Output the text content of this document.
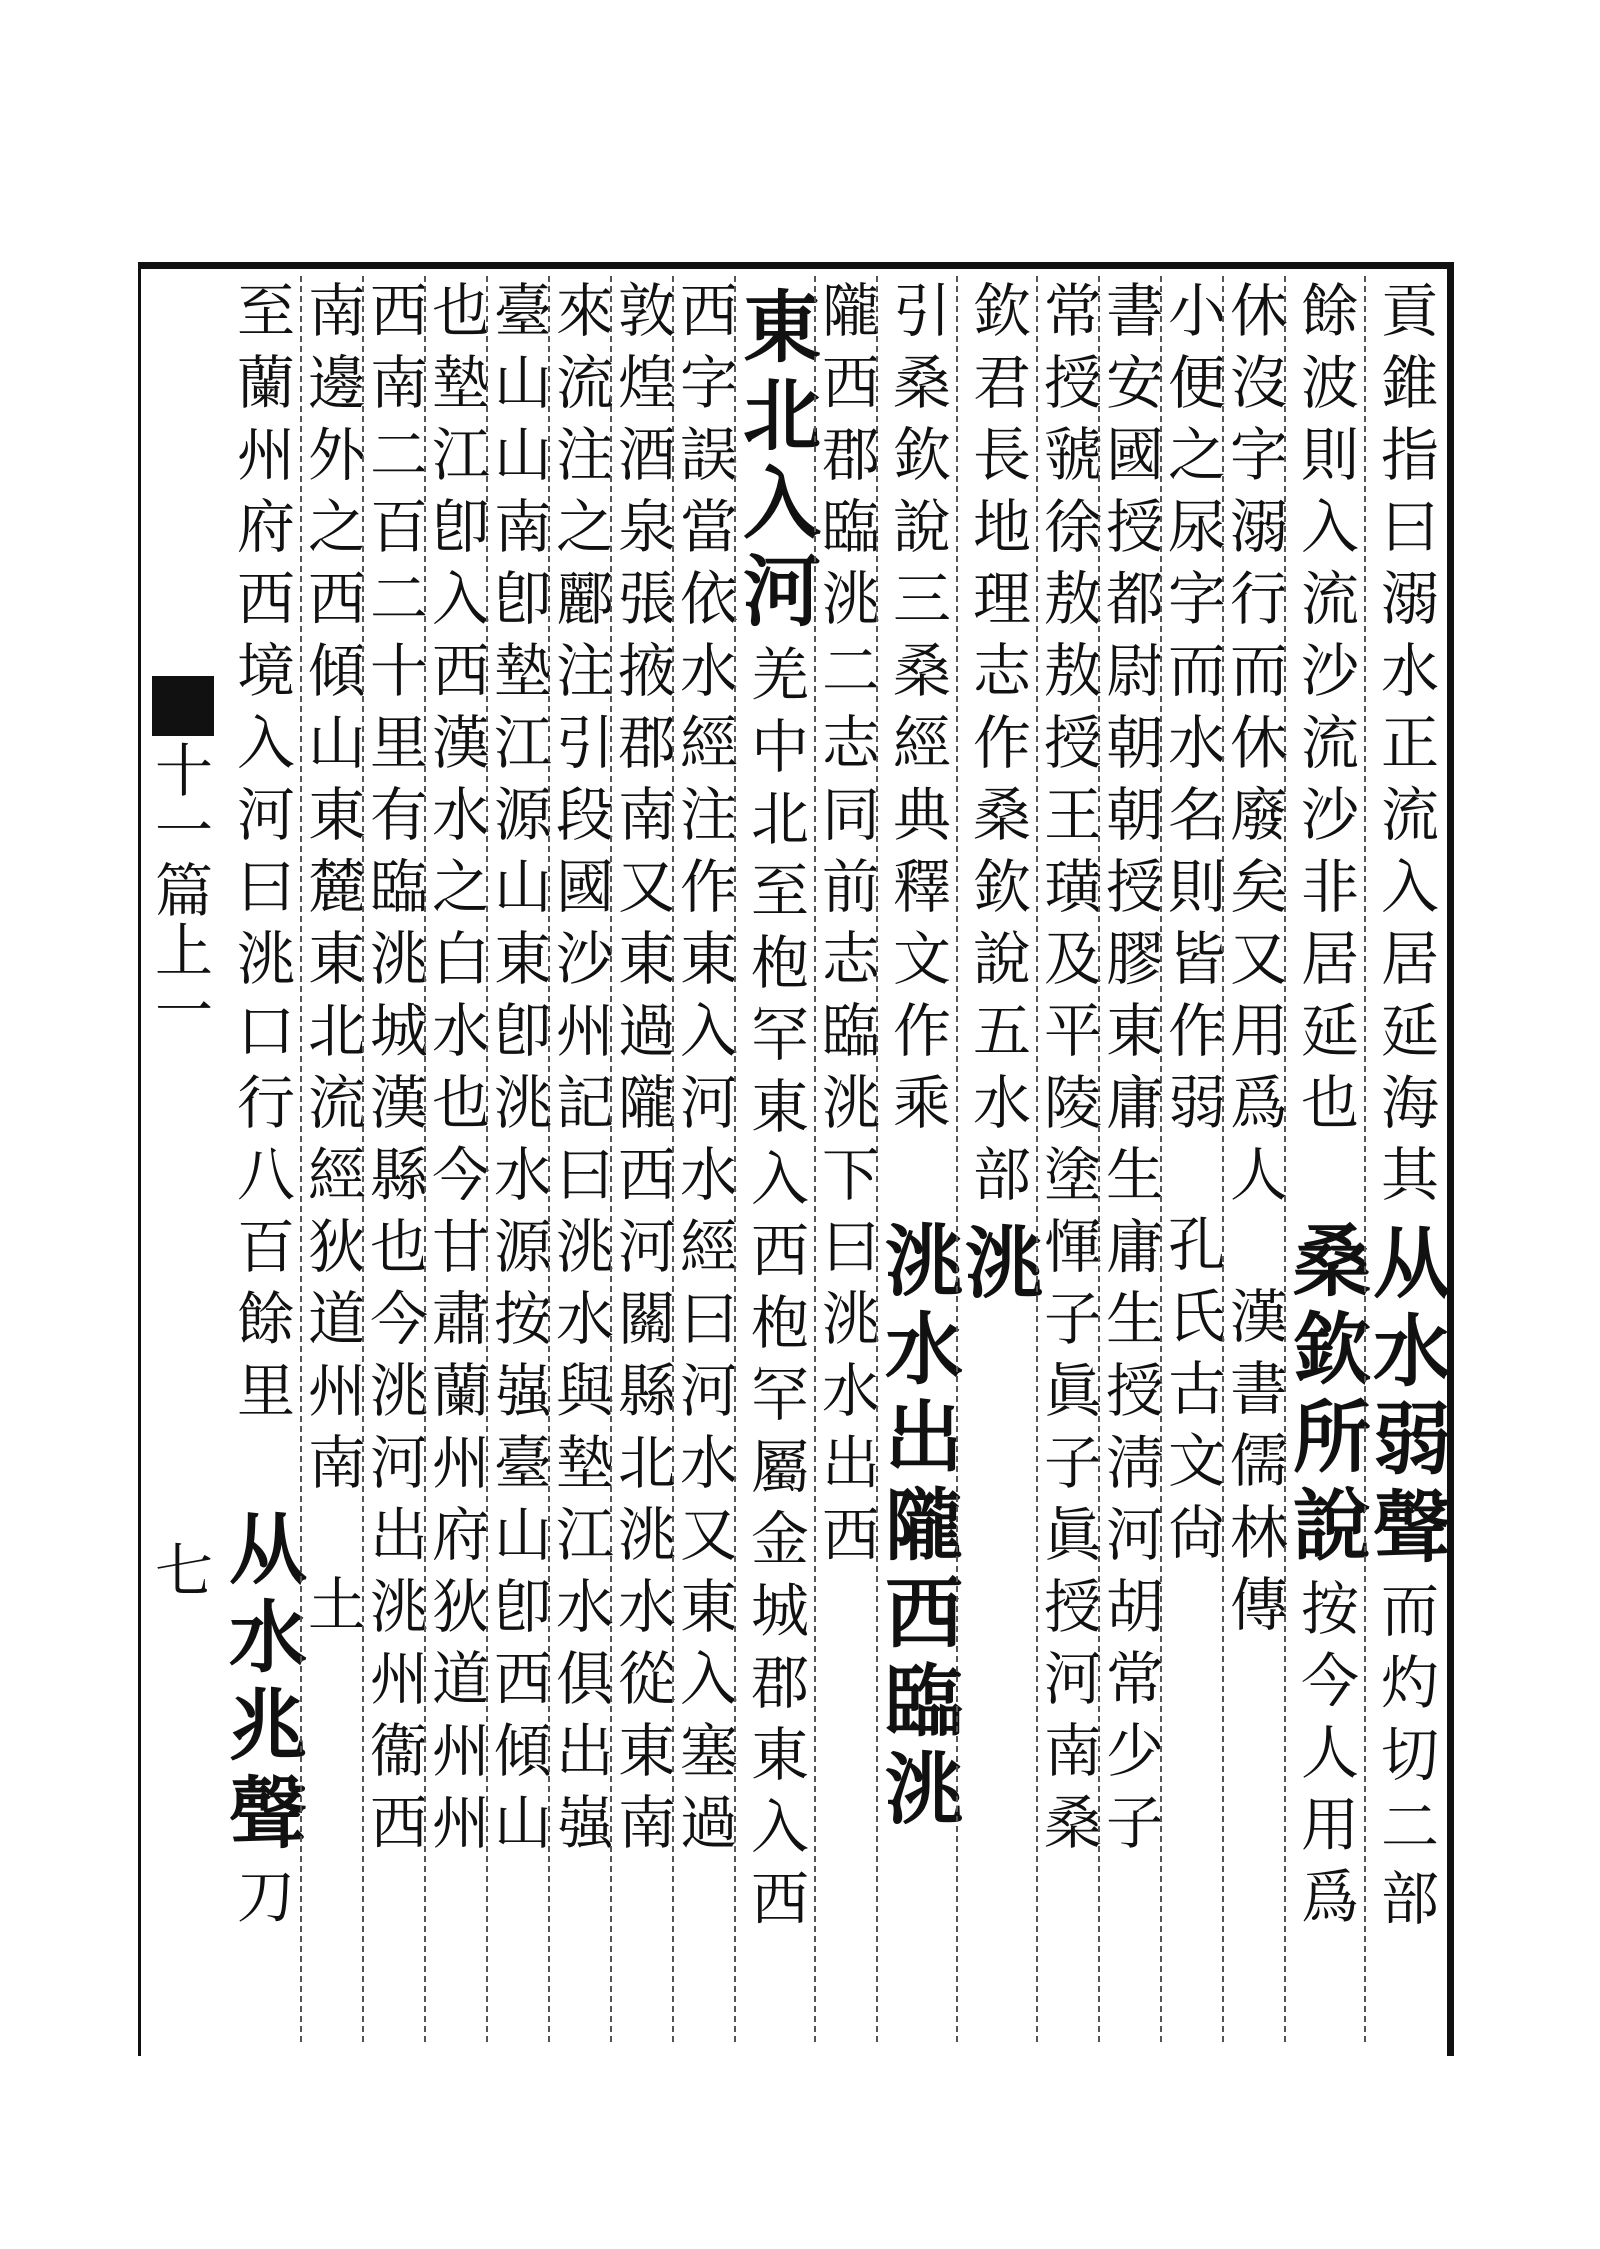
十一篇上一
七
貢錐指曰溺水正流入居延海其
从水弱聲
而灼切二部
餘波則入流沙流沙非居延也
桑欽所說
按今人用爲
休沒字溺行而休廢矣又用爲人
漢書儒林傳
小便之尿字而水名則皆作弱
孔氏古文尙
書安國授都尉朝朝授膠東庸生庸生授淸河胡常少子
常授虢徐敖敖授王璜及平陵塗惲子眞子眞授河南桑
欽君長地理志作桑欽說五水部
洮
引桑欽說三桑經典釋文作乘
洮水出隴西臨洮
隴西郡臨洮二志同前志臨洮下曰洮水出西
東北入河
羌中北至枹罕東入西枹罕屬金城郡東入西
西字誤當依水經注作東入河水經曰河水又東入塞過
敦煌酒泉張掖郡南又東過隴西河關縣北洮水從東南
來流注之酈注引段國沙州記曰洮水與墊江水俱出嵹
臺山山南卽墊江源山東卽洮水源按嵹臺山卽西傾山
也墊江卽入西漢水之白水也今甘肅蘭州府狄道州州
西南二百二十里有臨洮城漢縣也今洮河出洮州衞西
南邊外之西傾山東麓東北流經狄道州南
土
至蘭州府西境入河曰洮口行八百餘里
从水兆聲
刀
